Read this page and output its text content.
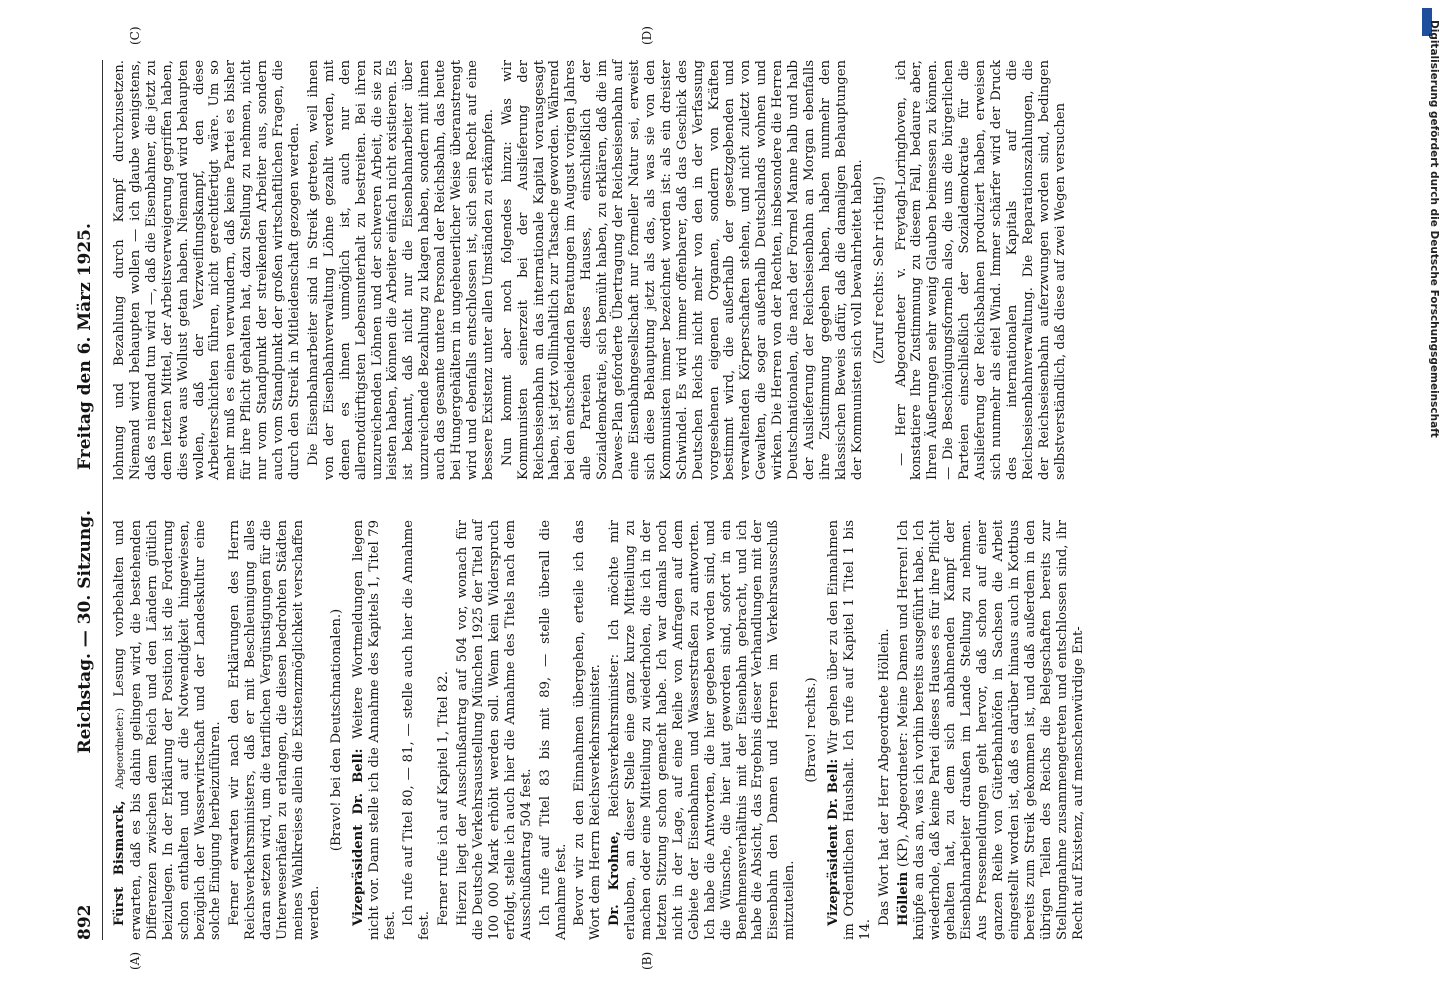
892
Reichstag. — 30. Sitzung.
Freitag den 6. März 1925.
(A)	(B)
(C)	(D)

Fürst Bismarck, Abgeordneter:) Lesung vorbehalten und erwarten, daß es bis dahin gelingen wird, die bestehenden Differenzen zwischen dem Reich und den Ländern gütlich beizulegen. In der Erklärung der Position ist die Forderung schon enthalten und auf die Notwendigkeit hingewiesen, bezüglich der Wasserwirtschaft und der Landeskultur eine solche Einigung herbeizuführen. Ferner erwarten wir nach den Erklärungen des Herrn Reichsverkehrsministers, daß er mit Beschleunigung alles daran setzen wird, um die tariflichen Vergünstigungen für die Unterweserhäfen zu erlangen, die diesen bedrohten Städten meines Wahlkreises allein die Existenzmöglichkeit verschaffen werden.

(Bravo! bei den Deutschnationalen.) Vizepräsident Dr. Bell: Weitere Wortmeldungen liegen nicht vor. Dann stelle ich die Annahme des Kapitels 1, Titel 79 fest. Ich rufe auf Titel 80, — 81, — stelle auch hier die Annahme fest. Ferner rufe ich auf Kapitel 1, Titel 82. Hierzu liegt der Ausschußantrag auf 504 vor, wonach für die Deutsche Verkehrsausstellung München 1925 der Titel auf 100 000 Mark erhöht werden soll. Wenn kein Widerspruch erfolgt, stelle ich auch hier die Annahme des Titels nach dem Ausschußantrag 504 fest. Ich rufe auf Titel 83 bis mit 89, — stelle überall die Annahme fest. Bevor wir zu den Einnahmen übergehen, erteile ich das Wort dem Herrn Reichsverkehrsminister. Dr. Krohne, Reichsverkehrsminister: Ich möchte mir erlauben, an dieser Stelle eine ganz kurze Mitteilung zu machen oder eine Mitteilung zu wiederholen, die ich in der letzten Sitzung schon gemacht habe. Ich war damals noch nicht in der Lage, auf eine Reihe von Anfragen auf dem Gebiete der Eisenbahnen und Wasserstraßen zu antworten. Ich habe die Antworten, die hier gegeben worden sind, und die Wünsche, die hier laut geworden sind, sofort in ein Benehmensverhältnis mit der Eisenbahn gebracht, und ich habe die Absicht, das Ergebnis dieser Verhandlungen mit der Eisenbahn den Damen und Herren im Verkehrsausschuß mitzuteilen.

(Bravo! rechts.)

Vizepräsident Dr. Bell: Wir gehen über zu den Einnahmen im Ordentlichen Haushalt. Ich rufe auf Kapitel 1 Titel 1 bis 14.

Das Wort hat der Herr Abgeordnete Höllein. Höllein (KP), Abgeordneter: Meine Damen und Herren! Ich knüpfe an das an, was ich vorhin bereits ausgeführt habe. Ich wiederhole, daß keine Partei dieses Hauses es für ihre Pflicht gehalten hat, zu dem sich anbahnenden Kampf der Eisenbahnarbeiter draußen im Lande Stellung zu nehmen. Aus Pressemeldungen geht hervor, daß schon auf einer ganzen Reihe von Güterbahnhöfen in Sachsen die Arbeit eingestellt worden ist, daß es darüber hinaus auch in Kottbus bereits zum Streik gekommen ist, und daß außerdem in den übrigen Teilen des Reichs die Belegschaften bereits zur Stellungnahme zusammengetreten und entschlossen sind, ihr Recht auf Existenz, auf menschenwürdige Ent-

lohnung und Bezahlung durch Kampf durchzusetzen. Niemand wird behaupten wollen — ich glaube wenigstens, daß es niemand tun wird —, daß die Eisenbahner, die jetzt zu dem letzten Mittel, der Arbeitsverweigerung gegriffen haben, dies etwa aus Wollust getan haben. Niemand wird behaupten wollen, daß der Verzweiflungskampf, den diese Arbeiterschichten führen, nicht gerechtfertigt wäre. Um so mehr muß es einen verwundern, daß keine Partei es bisher für ihre Pflicht gehalten hat, dazu Stellung zu nehmen, nicht nur vom Standpunkt der streikenden Arbeiter aus, sondern auch vom Standpunkt der großen wirtschaftlichen Fragen, die durch den Streik in Mitleidenschaft gezogen werden. Die Eisenbahnarbeiter sind in Streik getreten, weil ihnen von der Eisenbahnverwaltung Löhne gezahlt werden, mit denen es ihnen unmöglich ist, auch nur den allernotdürftigsten Lebensunterhalt zu bestreiten. Bei ihren unzureichenden Löhnen und der schweren Arbeit, die sie zu leisten haben, können die Arbeiter einfach nicht existieren. Es ist bekannt, daß nicht nur die Eisenbahnarbeiter über unzureichende Bezahlung zu klagen haben, sondern mit ihnen auch das gesamte untere Personal der Reichsbahn, das heute bei Hungergehältern in ungeheuerlicher Weise überanstrengt wird und ebenfalls entschlossen ist, sich sein Recht auf eine bessere Existenz unter allen Umständen zu erkämpfen. Nun kommt aber noch folgendes hinzu: Was wir Kommunisten seinerzeit bei der Auslieferung der Reichseisenbahn an das internationale Kapital vorausgesagt haben, ist jetzt vollinhaltlich zur Tatsache geworden. Während bei den entscheidenden Beratungen im August vorigen Jahres alle Parteien dieses Hauses, einschließlich der Sozialdemokratie, sich bemüht haben, zu erklären, daß die im Dawes-Plan geforderte Übertragung der Reichseisenbahn auf eine Eisenbahngesellschaft nur formeller Natur sei, erweist sich diese Behauptung jetzt als das, als was sie von den Kommunisten immer bezeichnet worden ist: als ein dreister Schwindel. Es wird immer offenbarer, daß das Geschick des Deutschen Reichs nicht mehr von den in der Verfassung vorgesehenen eigenen Organen, sondern von Kräften bestimmt wird, die außerhalb der gesetzgebenden und verwaltenden Körperschaften stehen, und nicht zuletzt von Gewalten, die sogar außerhalb Deutschlands wohnen und wirken. Die Herren von der Rechten, insbesondere die Herren Deutschnationalen, die nach der Formel Manne halb und halb der Auslieferung der Reichseisenbahn an Morgan ebenfalls ihre Zustimmung gegeben haben, haben nunmehr den klassischen Beweis dafür, daß die damaligen Behauptungen der Kommunisten sich voll bewahrheitet haben. (Zuruf rechts: Sehr richtig!) — Herr Abgeordneter v. Freytagh-Loringhoven, ich konstatiere Ihre Zustimmung zu diesem Fall, bedaure aber, Ihren Äußerungen sehr wenig Glauben beimessen zu können. — Die Beschönigungsformeln also, die uns die bürgerlichen Parteien einschließlich der Sozialdemokratie für die Auslieferung der Reichsbahnen produziert haben, erweisen sich nunmehr als eitel Wind. Immer schärfer wird der Druck des internationalen Kapitals auf die Reichseisenbahnverwaltung. Die Reparationszahlungen, die der Reichseisenbahn auferzwungen worden sind, bedingen selbstverständlich, daß diese auf zwei Wegen versuchen	Digitalisierung gefördert durch die Deutsche Forschungsgemeinschaft
